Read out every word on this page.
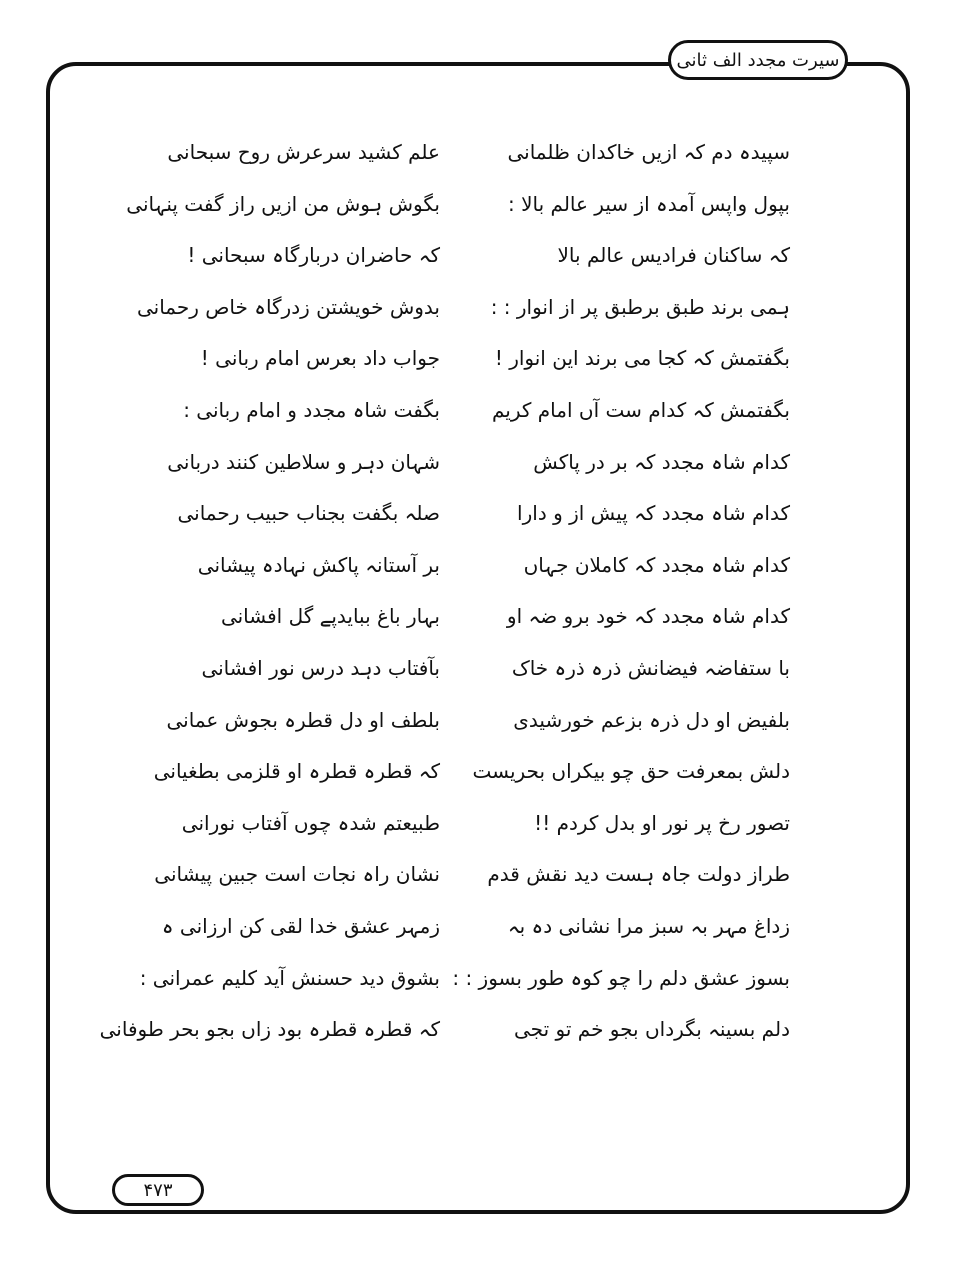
سیرت مجدد الف ثانی
سپیدہ دم کہ ازیں خاکدان ظلمانی
علم کشید سرعرش روح سبحانی
بپول واپس آمدہ از سیر عالم بالا :
بگوش ہوش من ازیں راز گفت پنہانی
کہ ساکنان فرادیس عالم بالا
کہ حاضران دربارگاہ سبحانی !
ہمی برند طبق برطبق پر از انوار : :
بدوش خویشتن زدرگاہ خاص رحمانی
بگفتمش کہ کجا می برند این انوار !
جواب داد بعرس امام ربانی !
بگفتمش کہ کدام ست آں امام کریم
بگفت شاہ مجدد و امام ربانی :
کدام شاہ مجدد کہ بر در پاکش
شہان دہر و سلاطین کنند دربانی
کدام شاہ مجدد کہ پیش از و دارا
صلہ بگفت بجناب حبیب رحمانی
کدام شاہ مجدد کہ کاملان جہاں
بر آستانہ پاکش نہادہ پیشانی
کدام شاہ مجدد کہ خود برو ضہ او
بہار باغ ببایدپے گل افشانی
با ستفاضہ فیضانش ذرہ ذرہ خاک
بآفتاب دہد درس نور افشانی
بلفیض او دل ذرہ بزعم خورشیدی
بلطف او دل قطرہ بجوش عمانی
دلش بمعرفت حق چو بیکراں بحریست
کہ قطرہ قطرہ او قلزمی بطغیانی
تصور رخ پر نور او بدل کردم !!
طبیعتم شدہ چوں آفتاب نورانی
طراز دولت جاہ ہست دید نقش قدم
نشان راہ نجات است جبین پیشانی
زداغ مہر بہ سبز مرا نشانی دہ بہ
زمہر عشق خدا لقی کن ارزانی ہ
بسوز عشق دلم را چو کوہ طور بسوز : :
بشوق دید حسنش آید کلیم عمرانی :
دلم بسینہ بگرداں بجو خم تو تجی
کہ قطرہ قطرہ بود زاں بجو بحر طوفانی
۴۷۳
